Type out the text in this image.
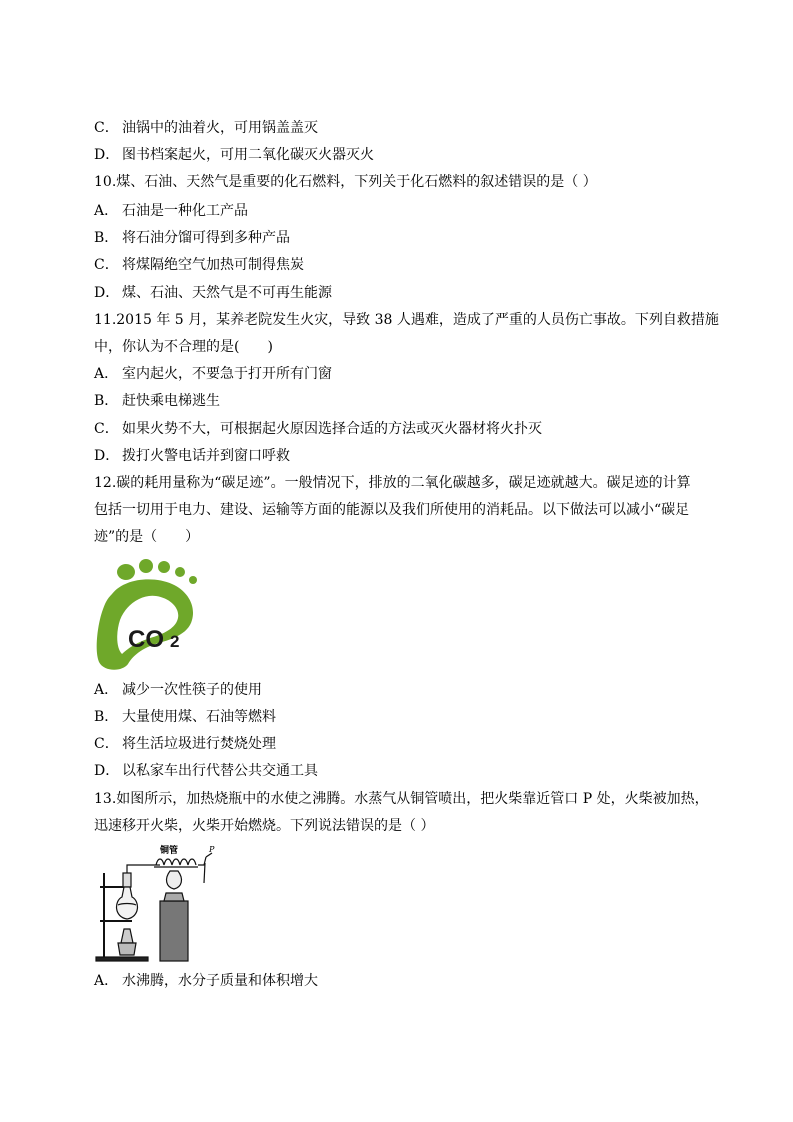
C． 油锅中的油着火，可用锅盖盖灭
D． 图书档案起火，可用二氧化碳灭火器灭火
10.煤、石油、天然气是重要的化石燃料，下列关于化石燃料的叙述错误的是（ ）
A． 石油是一种化工产品
B． 将石油分馏可得到多种产品
C． 将煤隔绝空气加热可制得焦炭
D． 煤、石油、天然气是不可再生能源
11.2015 年 5 月，某养老院发生火灾，导致 38 人遇难，造成了严重的人员伤亡事故。下列自救措施
中，你认为不合理的是(　　)
A． 室内起火，不要急于打开所有门窗
B． 赶快乘电梯逃生
C． 如果火势不大，可根据起火原因选择合适的方法或灭火器材将火扑灭
D． 拨打火警电话并到窗口呼救
12.碳的耗用量称为“碳足迹”。一般情况下，排放的二氧化碳越多，碳足迹就越大。碳足迹的计算
包括一切用于电力、建设、运输等方面的能源以及我们所使用的消耗品。以下做法可以减小“碳足
迹”的是（　　）
CO 2
A． 减少一次性筷子的使用
B． 大量使用煤、石油等燃料
C． 将生活垃圾进行焚烧处理
D． 以私家车出行代替公共交通工具
13.如图所示，加热烧瓶中的水使之沸腾。水蒸气从铜管喷出，把火柴靠近管口 P 处，火柴被加热，
迅速移开火柴，火柴开始燃烧。下列说法错误的是（ ）
铜管	P
A． 水沸腾，水分子质量和体积增大
